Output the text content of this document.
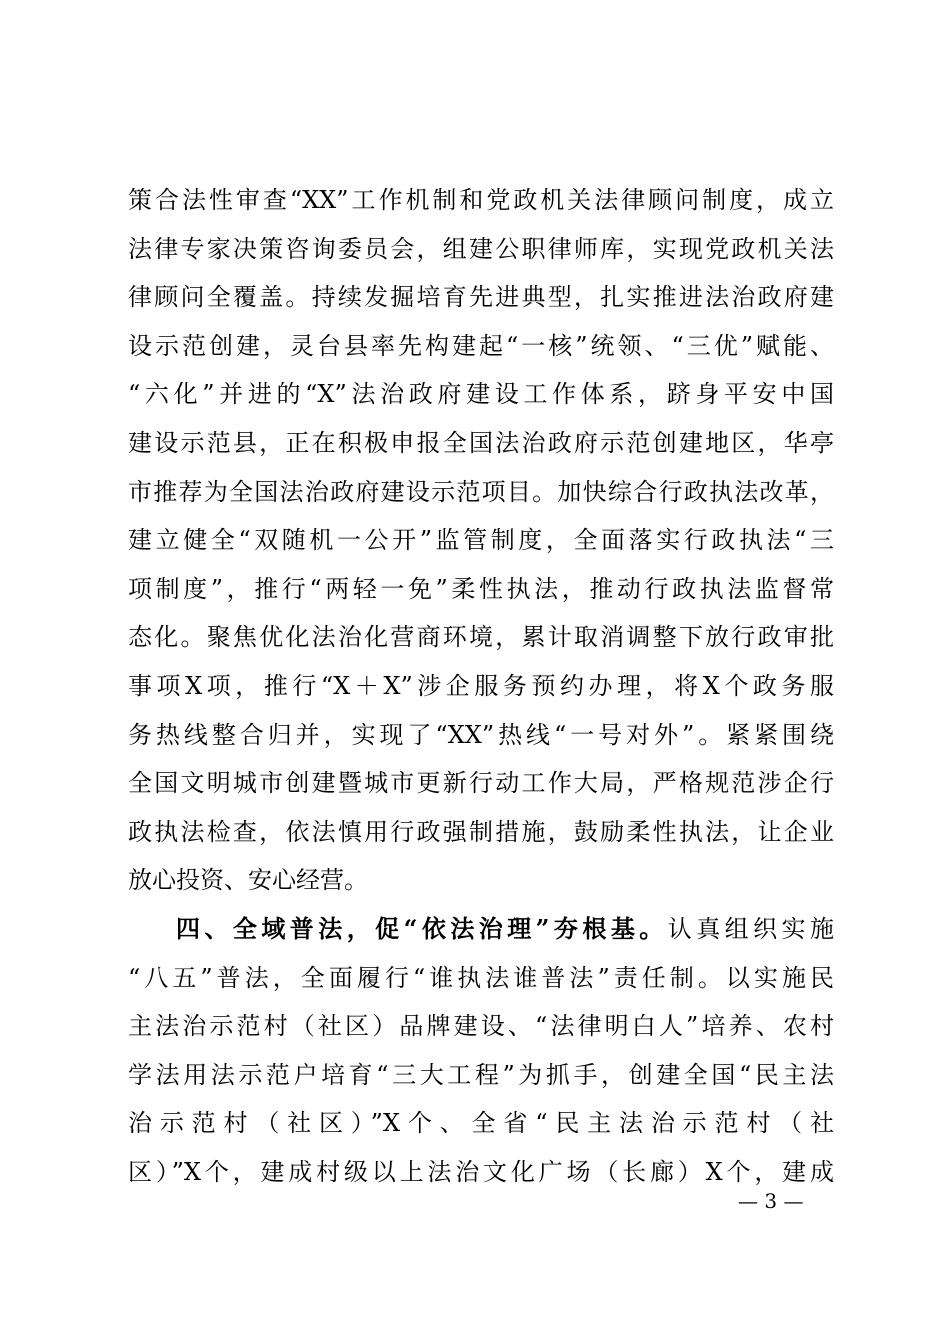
策合法性审查“XX”工作机制和党政机关法律顾问制度，成立
法律专家决策咨询委员会，组建公职律师库，实现党政机关法
律顾问全覆盖。持续发掘培育先进典型，扎实推进法治政府建
设示范创建，灵台县率先构建起“一核”统领、“三优”赋能、
“六化”并进的“X”法治政府建设工作体系，跻身平安中国
建设示范县，正在积极申报全国法治政府示范创建地区，华亭
市推荐为全国法治政府建设示范项目。加快综合行政执法改革，
建立健全“双随机一公开”监管制度，全面落实行政执法“三
项制度”，推行“两轻一免”柔性执法，推动行政执法监督常
态化。聚焦优化法治化营商环境，累计取消调整下放行政审批
事项X项，推行“X＋X”涉企服务预约办理，将X个政务服
务热线整合归并，实现了“XX”热线“一号对外”。紧紧围绕
全国文明城市创建暨城市更新行动工作大局，严格规范涉企行
政执法检查，依法慎用行政强制措施，鼓励柔性执法，让企业
放心投资、安心经营。
四、全域普法，促“依法治理”夯根基。认真组织实施
“八五”普法，全面履行“谁执法谁普法”责任制。以实施民
主法治示范村（社区）品牌建设、“法律明白人”培养、农村
学法用法示范户培育“三大工程”为抓手，创建全国“民主法
治示范村（社区）”X个、全省“民主法治示范村（社
区）”X个，建成村级以上法治文化广场（长廊）X个，建成
— 3 —
